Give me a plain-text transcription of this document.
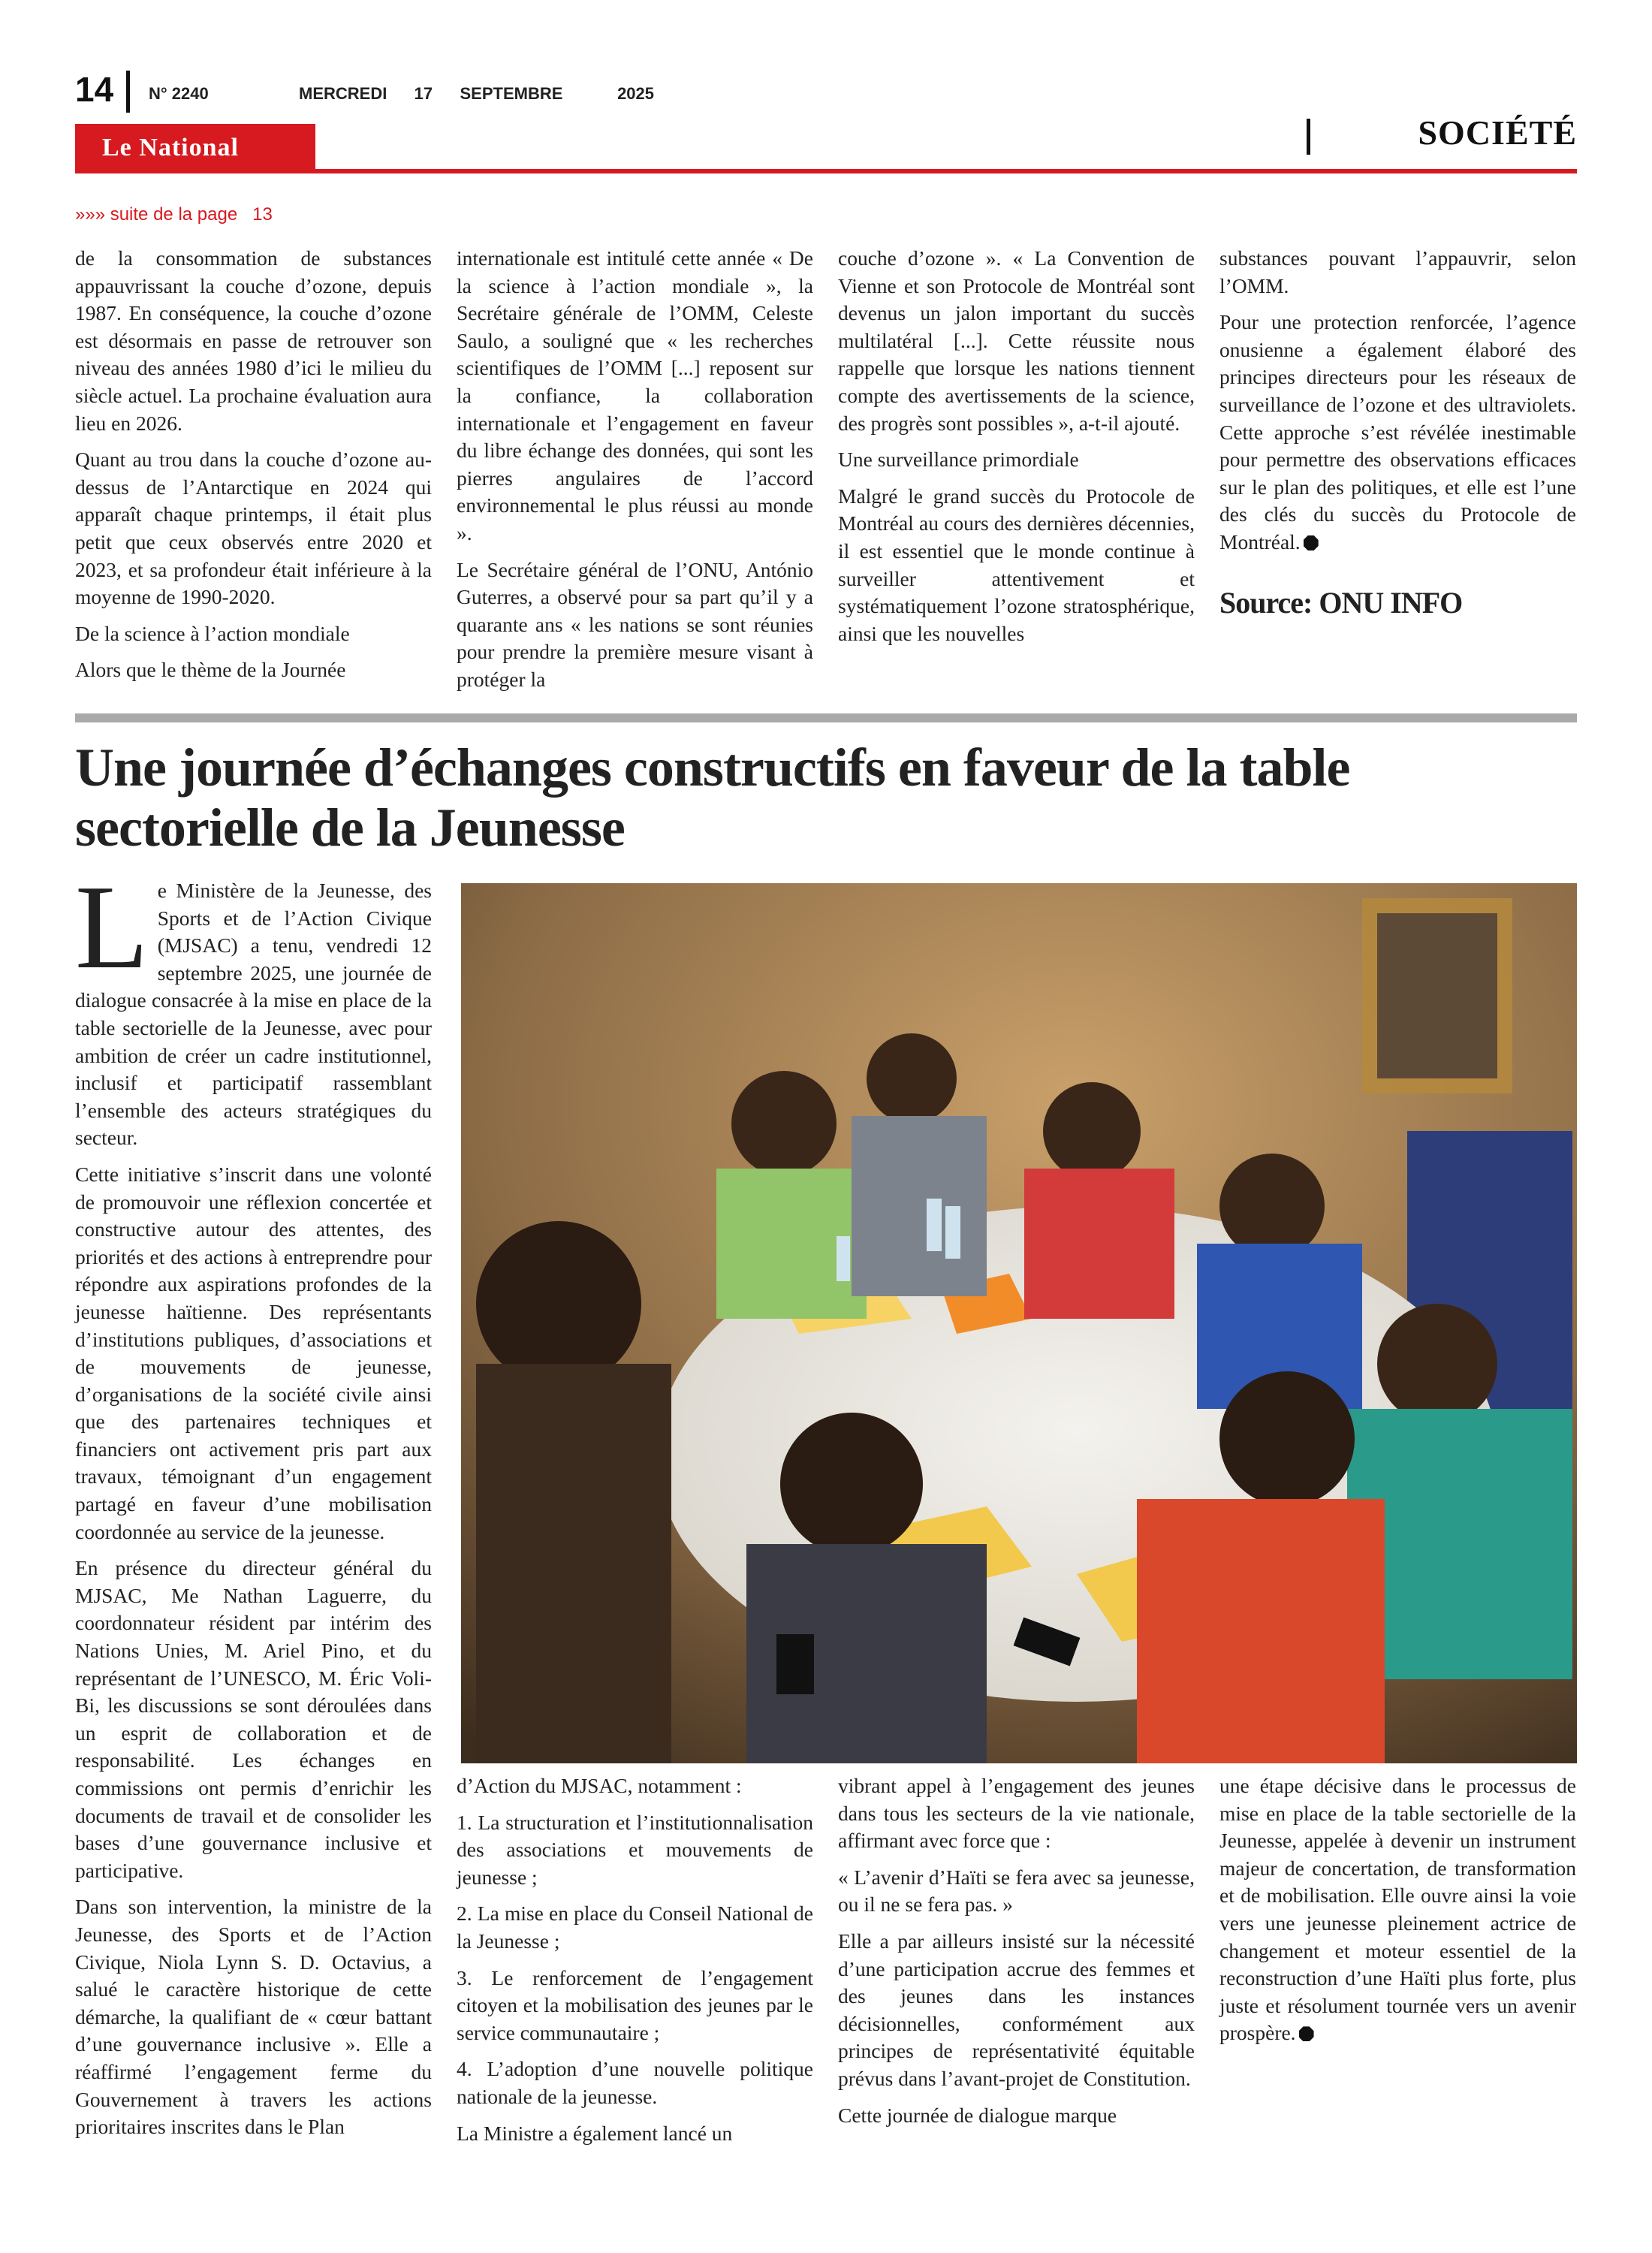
14 N° 2240	MERCREDI   17   SEPTEMBRE      2025
Le National	SOCIÉTÉ
»»» suite de la page   13

de la consommation de substances appauvrissant la couche d’ozone, depuis 1987. En conséquence, la couche d’ozone est désormais en passe de retrouver son niveau des années 1980 d’ici le milieu du siècle actuel. La prochaine évaluation aura lieu en 2026.

Quant au trou dans la couche d’ozone au-dessus de l’Antarctique en 2024 qui apparaît chaque printemps, il était plus petit que ceux observés entre 2020 et 2023, et sa profondeur était inférieure à la moyenne de 1990-2020.

De la science à l’action mondiale

Alors que le thème de la Journée

internationale est intitulé cette année « De la science à l’action mondiale », la Secrétaire générale de l’OMM, Celeste Saulo, a souligné que « les recherches scientifiques de l’OMM [...] reposent sur la confiance, la collaboration internationale et l’engagement en faveur du libre échange des données, qui sont les pierres angulaires de l’accord environnemental le plus réussi au monde ».

Le Secrétaire général de l’ONU, António Guterres, a observé pour sa part qu’il y a quarante ans « les nations se sont réunies pour prendre la première mesure visant à protéger la

couche d’ozone ». « La Convention de Vienne et son Protocole de Montréal sont devenus un jalon important du succès multilatéral [...]. Cette réussite nous rappelle que lorsque les nations tiennent compte des avertissements de la science, des progrès sont possibles », a-t-il ajouté.

Une surveillance primordiale

Malgré le grand succès du Protocole de Montréal au cours des dernières décennies, il est essentiel que le monde continue à surveiller attentivement et systématiquement l’ozone stratosphérique, ainsi que les nouvelles

substances pouvant l’appauvrir, selon l’OMM.

Pour une protection renforcée, l’agence onusienne a également élaboré des principes directeurs pour les réseaux de surveillance de l’ozone et des ultraviolets. Cette approche s’est révélée inestimable pour permettre des observations efficaces sur le plan des politiques, et elle est l’une des clés du succès du Protocole de Montréal.

Source: ONU INFO
Une journée d’échanges constructifs en faveur de la table sectorielle de la Jeunesse

Le Ministère de la Jeunesse, des Sports et de l’Action Civique (MJSAC) a tenu, vendredi 12 septembre 2025, une journée de dialogue consacrée à la mise en place de la table sectorielle de la Jeunesse, avec pour ambition de créer un cadre institutionnel, inclusif et participatif rassemblant l’ensemble des acteurs stratégiques du secteur.

Cette initiative s’inscrit dans une volonté de promouvoir une réflexion concertée et constructive autour des attentes, des priorités et des actions à entreprendre pour répondre aux aspirations profondes de la jeunesse haïtienne. Des représentants d’institutions publiques, d’associations et de mouvements de jeunesse, d’organisations de la société civile ainsi que des partenaires techniques et financiers ont activement pris part aux travaux, témoignant d’un engagement partagé en faveur d’une mobilisation coordonnée au service de la jeunesse.

En présence du directeur général du MJSAC, Me Nathan Laguerre, du coordonnateur résident par intérim des Nations Unies, M. Ariel Pino, et du représentant de l’UNESCO, M. Éric Voli-Bi, les discussions se sont déroulées dans un esprit de collaboration et de responsabilité. Les échanges en commissions ont permis d’enrichir les documents de travail et de consolider les bases d’une gouvernance inclusive et participative.

Dans son intervention, la ministre de la Jeunesse, des Sports et de l’Action Civique, Niola Lynn S. D. Octavius, a salué le caractère historique de cette démarche, la qualifiant de « cœur battant d’une gouvernance inclusive ». Elle a réaffirmé l’engagement ferme du Gouvernement à travers les actions prioritaires inscrites dans le Plan

d’Action du MJSAC, notamment :

1. La structuration et l’institutionnalisation des associations et mouvements de jeunesse ;

2. La mise en place du Conseil National de la Jeunesse ;

3. Le renforcement de l’engagement citoyen et la mobilisation des jeunes par le service communautaire ;

4. L’adoption d’une nouvelle politique nationale de la jeunesse.

La Ministre a également lancé un

vibrant appel à l’engagement des jeunes dans tous les secteurs de la vie nationale, affirmant avec force que :

« L’avenir d’Haïti se fera avec sa jeunesse, ou il ne se fera pas. »

Elle a par ailleurs insisté sur la nécessité d’une participation accrue des femmes et des jeunes dans les instances décisionnelles, conformément aux principes de représentativité équitable prévus dans l’avant-projet de Constitution.

Cette journée de dialogue marque

une étape décisive dans le processus de mise en place de la table sectorielle de la Jeunesse, appelée à devenir un instrument majeur de concertation, de transformation et de mobilisation. Elle ouvre ainsi la voie vers une jeunesse pleinement actrice de changement et moteur essentiel de la reconstruction d’une Haïti plus forte, plus juste et résolument tournée vers un avenir prospère.
